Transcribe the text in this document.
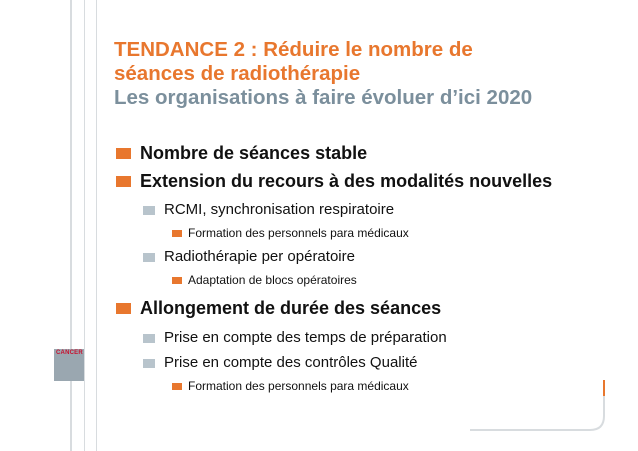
TENDANCE 2 : Réduire le nombre de
séances de radiothérapie
Les organisations à faire évoluer d’ici 2020
Nombre de séances stable
Extension du recours à des modalités nouvelles
RCMI, synchronisation respiratoire
Formation des personnels para médicaux
Radiothérapie per opératoire
Adaptation de blocs opératoires
Allongement de durée des séances
Prise en compte des temps de préparation
Prise en compte des contrôles Qualité
Formation des personnels para médicaux
CANCER
